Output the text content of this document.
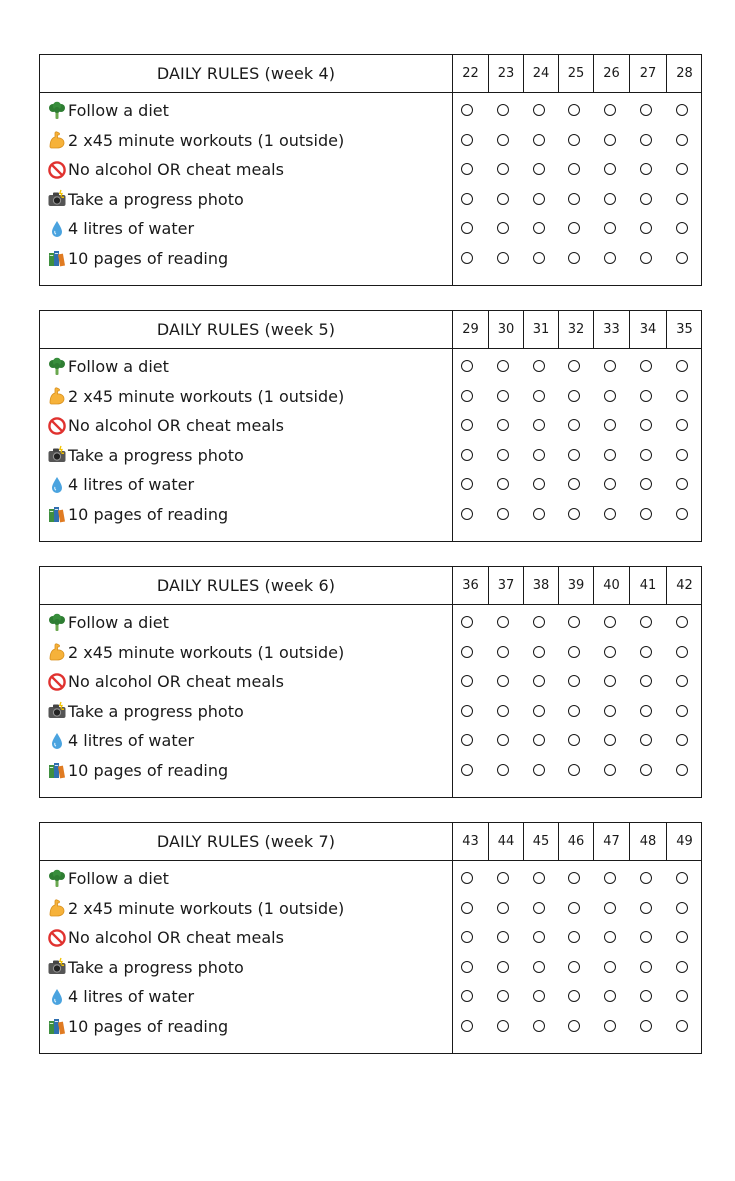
DAILY RULES (week 4)	22	23	24	25	26	27	28
Follow a diet
2 x45 minute workouts (1 outside)
No alcohol OR cheat meals
Take a progress photo
4 litres of water
10 pages of reading
DAILY RULES (week 5)	29	30	31	32	33	34	35
Follow a diet
2 x45 minute workouts (1 outside)
No alcohol OR cheat meals
Take a progress photo
4 litres of water
10 pages of reading
DAILY RULES (week 6)	36	37	38	39	40	41	42
Follow a diet
2 x45 minute workouts (1 outside)
No alcohol OR cheat meals
Take a progress photo
4 litres of water
10 pages of reading
DAILY RULES (week 7)	43	44	45	46	47	48	49
Follow a diet
2 x45 minute workouts (1 outside)
No alcohol OR cheat meals
Take a progress photo
4 litres of water
10 pages of reading
